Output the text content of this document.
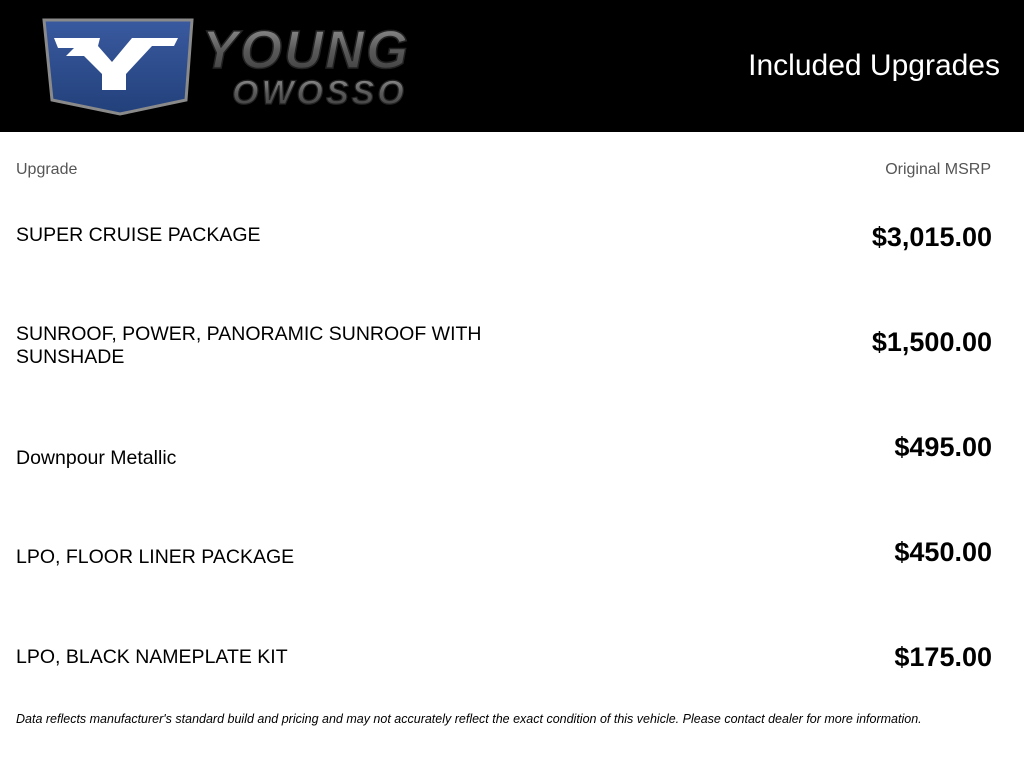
YOUNG
OWOSSO
Included Upgrades
Upgrade	Original MSRP
SUPER CRUISE PACKAGE	$3,015.00
SUNROOF, POWER, PANORAMIC SUNROOF WITH SUNSHADE	$1,500.00
Downpour Metallic	$495.00
LPO, FLOOR LINER PACKAGE	$450.00
LPO, BLACK NAMEPLATE KIT	$175.00
Data reflects manufacturer's standard build and pricing and may not accurately reflect the exact condition of this vehicle. Please contact dealer for more information.
